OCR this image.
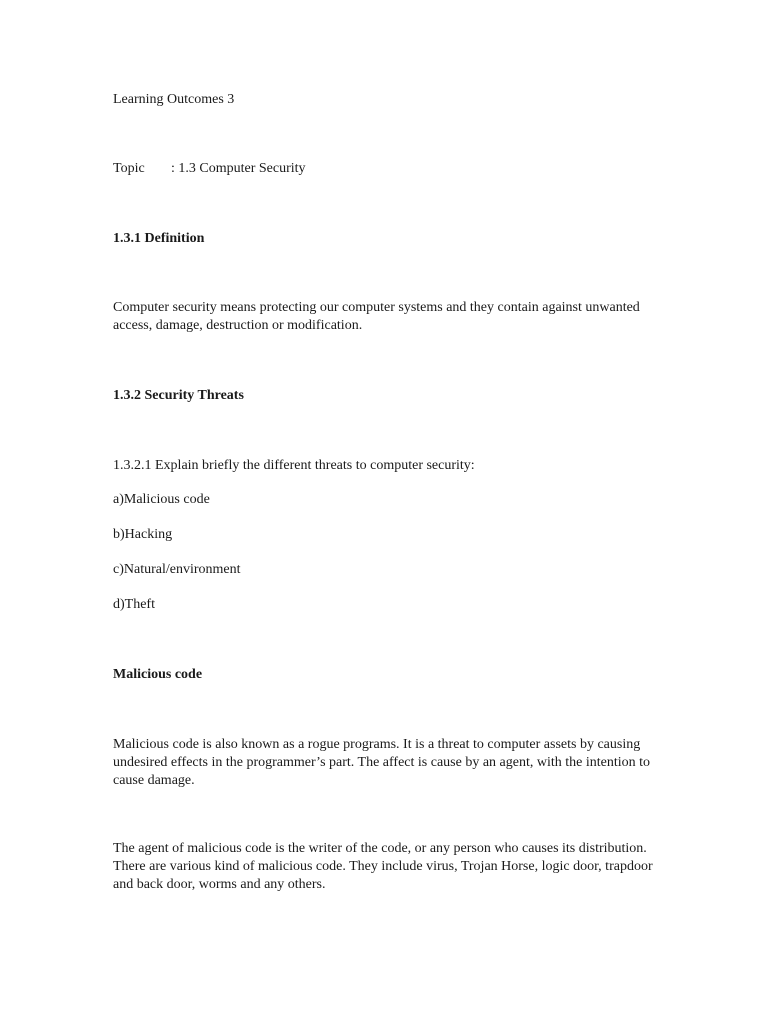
Learning Outcomes 3
Topic : 1.3 Computer Security
1.3.1 Definition
Computer security means protecting our computer systems and they contain against unwanted access, damage, destruction or modification.
1.3.2 Security Threats
1.3.2.1 Explain briefly the different threats to computer security:
a)Malicious code
b)Hacking
c)Natural/environment
d)Theft
Malicious code
Malicious code is also known as a rogue programs. It is a threat to computer assets by causing undesired effects in the programmer’s part. The affect is cause by an agent, with the intention to cause damage.
The agent of malicious code is the writer of the code, or any person who causes its distribution. There are various kind of malicious code. They include virus, Trojan Horse, logic door, trapdoor and back door, worms and any others.
